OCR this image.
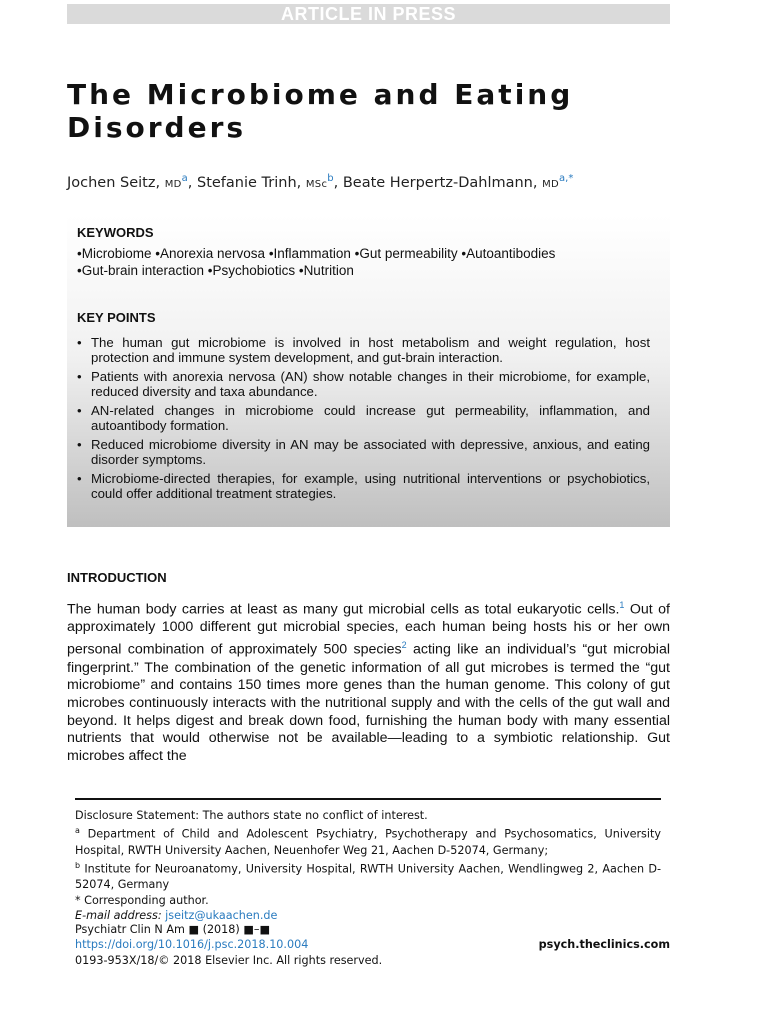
ARTICLE IN PRESS
The Microbiome and Eating Disorders
Jochen Seitz, $MD^a$, Stefanie Trinh, MSc$^b$, Beate Herpertz-Dahlmann, $MD^{a,*}$
KEYWORDS
• Microbiome • Anorexia nervosa • Inflammation • Gut permeability • Autoantibodies
• Gut-brain interaction • Psychobiotics • Nutrition
KEY POINTS
• The human gut microbiome is involved in host metabolism and weight regulation, host protection and immune system development, and gut-brain interaction.
• Patients with anorexia nervosa (AN) show notable changes in their microbiome, for example, reduced diversity and taxa abundance.
• AN-related changes in microbiome could increase gut permeability, inflammation, and autoantibody formation.
• Reduced microbiome diversity in AN may be associated with depressive, anxious, and eating disorder symptoms.
• Microbiome-directed therapies, for example, using nutritional interventions or psychobiotics, could offer additional treatment strategies.
INTRODUCTION

The human body carries at least as many gut microbial cells as total eukaryotic cells.$^1$ Out of approximately 1000 different gut microbial species, each human being hosts his or her own personal combination of approximately 500 species$^2$ acting like an individual’s “gut microbial fingerprint.” The combination of the genetic information of all gut microbes is termed the “gut microbiome” and contains 150 times more genes than the human genome. This colony of gut microbes continuously interacts with the nutritional supply and with the cells of the gut wall and beyond. It helps digest and break down food, furnishing the human body with many essential nutrients that would otherwise not be available—leading to a symbiotic relationship. Gut microbes affect the

Disclosure Statement: The authors state no conflict of interest.

$^a$ Department of Child and Adolescent Psychiatry, Psychotherapy and Psychosomatics, University Hospital, RWTH University Aachen, Neuenhofer Weg 21, Aachen D-52074, Germany;

$^b$ Institute for Neuroanatomy, University Hospital, RWTH University Aachen, Wendlingweg 2, Aachen D-52074, Germany

* Corresponding author.

E-mail address: jseitz@ukaachen.de

Psychiatr Clin N Am ■ (2018) ■–■
https://doi.org/10.1016/j.psc.2018.10.004
0193-953X/18/© 2018 Elsevier Inc. All rights reserved.
psych.theclinics.com
